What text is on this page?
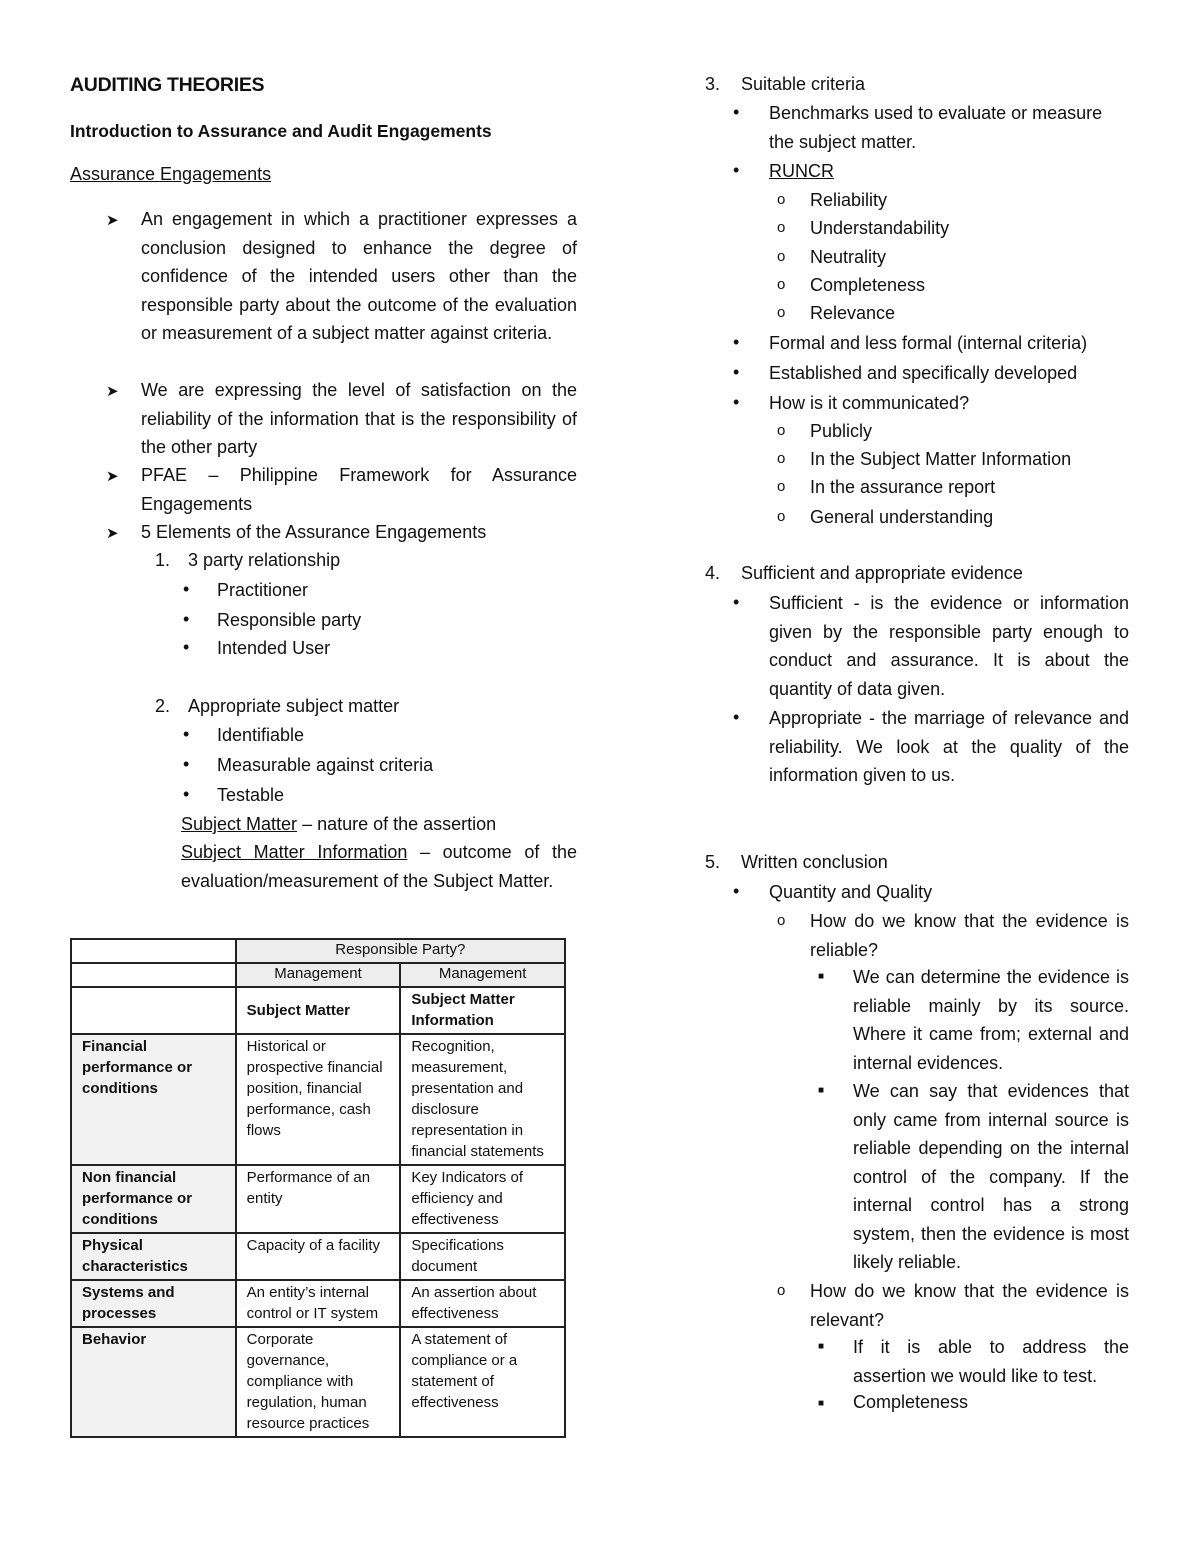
AUDITING THEORIES
Introduction to Assurance and Audit Engagements
Assurance Engagements
➤ An engagement in which a practitioner expresses a conclusion designed to enhance the degree of confidence of the intended users other than the responsible party about the outcome of the evaluation or measurement of a subject matter against criteria.
➤ We are expressing the level of satisfaction on the reliability of the information that is the responsibility of the other party
➤ PFAE – Philippine Framework for Assurance Engagements
➤ 5 Elements of the Assurance Engagements
1. 3 party relationship
• Practitioner
• Responsible party
• Intended User
2. Appropriate subject matter
• Identifiable
• Measurable against criteria
• Testable
Subject Matter – nature of the assertion
Subject Matter Information – outcome of the evaluation/measurement of the Subject Matter.
	Responsible Party?	
	Management	Management
	Subject Matter	Subject Matter Information
Financial performance or conditions	Historical or prospective financial position, financial performance, cash flows	Recognition, measurement, presentation and disclosure representation in financial statements
Non financial performance or conditions	Performance of an entity	Key Indicators of efficiency and effectiveness
Physical characteristics	Capacity of a facility	Specifications document
Systems and processes	An entity’s internal control or IT system	An assertion about effectiveness
Behavior	Corporate governance, compliance with regulation, human resource practices	A statement of compliance or a statement of effectiveness
3. Suitable criteria
• Benchmarks used to evaluate or measure the subject matter.
• RUNCR
o Reliability
o Understandability
o Neutrality
o Completeness
o Relevance
• Formal and less formal (internal criteria)
• Established and specifically developed
• How is it communicated?
o Publicly
o In the Subject Matter Information
o In the assurance report
o General understanding
4. Sufficient and appropriate evidence
• Sufficient - is the evidence or information given by the responsible party enough to conduct and assurance. It is about the quantity of data given.
• Appropriate - the marriage of relevance and reliability. We look at the quality of the information given to us.
5. Written conclusion
• Quantity and Quality
o How do we know that the evidence is reliable?
■ We can determine the evidence is reliable mainly by its source. Where it came from; external and internal evidences.
■ We can say that evidences that only came from internal source is reliable depending on the internal control of the company. If the internal control has a strong system, then the evidence is most likely reliable.
o How do we know that the evidence is relevant?
■ If it is able to address the assertion we would like to test.
■ Completeness
